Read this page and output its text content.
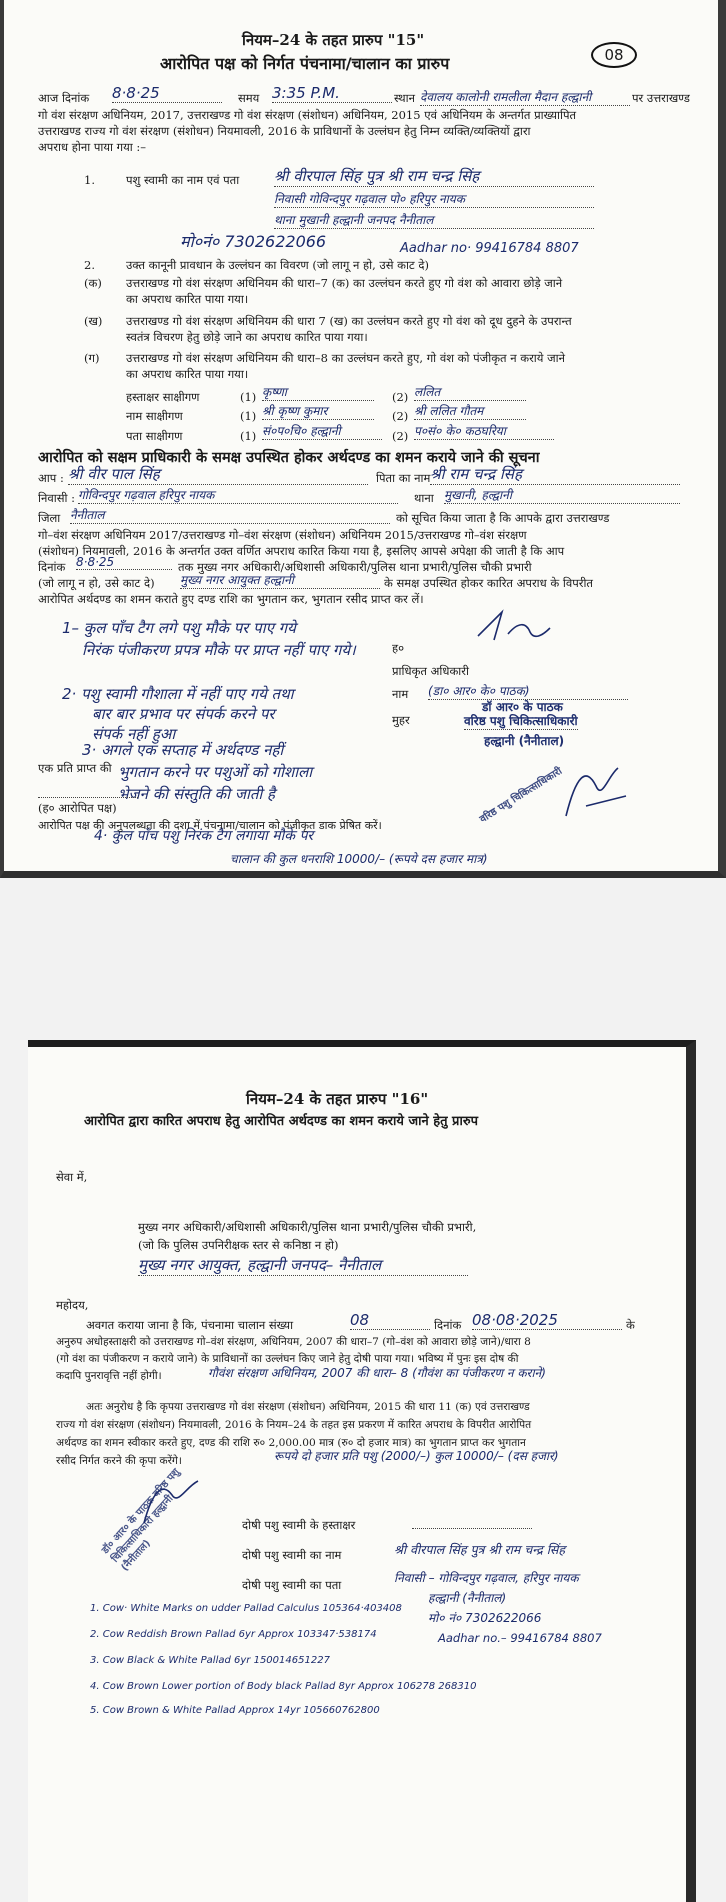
नियम–24 के तहत प्रारुप "15"
आरोपित पक्ष को निर्गत पंचनामा/चालान का प्रारुप	08
आज दिनांक 8·8·25	समय 3:35 P.M.	स्थान देवालय कालोनी रामलीला मैदान हल्द्वानी	पर उत्तराखण्ड
गो वंश संरक्षण अधिनियम, 2017, उत्तराखण्ड गो वंश संरक्षण (संशोधन) अधिनियम, 2015 एवं अधिनियम के अन्तर्गत प्राख्यापित
उत्तराखण्ड राज्य गो वंश संरक्षण (संशोधन) नियमावली, 2016 के प्राविधानों के उल्लंघन हेतु निम्न व्यक्ति/व्यक्तियों द्वारा
अपराध होना पाया गया :–
1.	पशु स्वामी का नाम एवं पता श्री वीरपाल सिंह पुत्र श्री राम चन्द्र सिंह
निवासी गोविन्दपुर गढ़वाल पो० हरिपुर नायक
थाना मुखानी हल्द्वानी जनपद नैनीताल
मो०नं० 7302622066	Aadhar no· 99416784 8807
2.	उक्त कानूनी प्रावधान के उल्लंघन का विवरण (जो लागू न हो, उसे काट दे)
(क) उत्तराखण्ड गो वंश संरक्षण अधिनियम की धारा–7 (क) का उल्लंघन करते हुए गो वंश को आवारा छोड़े जाने
का अपराध कारित पाया गया।
(ख) उत्तराखण्ड गो वंश संरक्षण अधिनियम की धारा 7 (ख) का उल्लंघन करते हुए गो वंश को दूध दुहने के उपरान्त
स्वतंत्र विचरण हेतु छोड़े जाने का अपराध कारित पाया गया।
(ग) उत्तराखण्ड गो वंश संरक्षण अधिनियम की धारा–8 का उल्लंघन करते हुए, गो वंश को पंजीकृत न कराये जाने
का अपराध कारित पाया गया।
हस्ताक्षर साक्षीगण	(1) कृष्णा	(2) ललित
नाम साक्षीगण	(1) श्री कृष्ण कुमार	(2) श्री ललित गौतम
पता साक्षीगण	(1) सं०प०चि० हल्द्वानी	(2) प०सं० के० कठघरिया
आरोपित को सक्षम प्राधिकारी के समक्ष उपस्थित होकर अर्थदण्ड का शमन कराये जाने की सूचना
आप : श्री वीर पाल सिंह	पिता का नाम श्री राम चन्द्र सिंह
निवासी : गोविन्दपुर गढ़वाल हरिपुर नायक	थाना मुखानी, हल्द्वानी
जिला नैनीताल	को सूचित किया जाता है कि आपके द्वारा उत्तराखण्ड
गो–वंश संरक्षण अधिनियम 2017/उत्तराखण्ड गो–वंश संरक्षण (संशोधन) अधिनियम 2015/उत्तराखण्ड गो–वंश संरक्षण
(संशोधन) नियमावली, 2016 के अन्तर्गत उक्त वर्णित अपराध कारित किया गया है, इसलिए आपसे अपेक्षा की जाती है कि आप
दिनांक 8·8·25	तक मुख्य नगर अधिकारी/अधिशासी अधिकारी/पुलिस थाना प्रभारी/पुलिस चौकी प्रभारी
(जो लागू न हो, उसे काट दे) मुख्य नगर आयुक्त हल्द्वानी	के समक्ष उपस्थित होकर कारित अपराध के विपरीत
आरोपित अर्थदण्ड का शमन कराते हुए दण्ड राशि का भुगतान कर, भुगतान रसीद प्राप्त कर लें।
1– कुल पाँच टैग लगे पशु मौके पर पाए गये
निरंक पंजीकरण प्रपत्र मौके पर प्राप्त नहीं पाए गये।
2· पशु स्वामी गौशाला में नहीं पाए गये तथा
बार बार प्रभाव पर संपर्क करने पर
संपर्क नहीं हुआ
3· अगले एक सप्ताह में अर्थदण्ड नहीं
भुगतान करने पर पशुओं को गोशाला
भेजने की संस्तुति की जाती है
4· कुल पाँच पशु निरंक टैग लगाया मौके पर
चालान की कुल धनराशि 10000/– (रूपये दस हजार मात्र)
ह०
प्राधिकृत अधिकारी
नाम (डा० आर० के० पाठक)
डॉ आर० के पाठक
मुहर	वरिष्ठ पशु चिकित्साधिकारी
हल्द्वानी (नैनीताल)
एक प्रति प्राप्त की
(ह० आरोपित पक्ष)
आरोपित पक्ष की अनुपलब्धता की दशा में पंचनामा/चालान को पंजीकृत डाक प्रेषित करें।
वरिष्ठ पशु चिकित्साधिकारी
नियम–24 के तहत प्रारुप "16"
आरोपित द्वारा कारित अपराध हेतु आरोपित अर्थदण्ड का शमन कराये जाने हेतु प्रारुप
सेवा में,
मुख्य नगर अधिकारी/अधिशासी अधिकारी/पुलिस थाना प्रभारी/पुलिस चौकी प्रभारी,
(जो कि पुलिस उपनिरीक्षक स्तर से कनिष्ठा न हो)
मुख्य नगर आयुक्त, हल्द्वानी जनपद– नैनीताल
महोदय,
अवगत कराया जाना है कि, पंचनामा चालान संख्या	08	दिनांक 08·08·2025	के
अनुरुप अधोहस्ताक्षरी को उत्तराखण्ड गो–वंश संरक्षण, अधिनियम, 2007 की धारा–7 (गो–वंश को आवारा छोड़े जाने)/धारा 8
(गो वंश का पंजीकरण न कराये जाने) के प्राविधानों का उल्लंघन किए जाने हेतु दोषी पाया गया। भविष्य में पुनः इस दोष की
कदापि पुनरावृत्ति नहीं होगी।	गौवंश संरक्षण अधिनियम, 2007 की धारा– 8 (गौवंश का पंजीकरण न कराने)
अतः अनुरोध है कि कृपया उत्तराखण्ड गो वंश संरक्षण (संशोधन) अधिनियम, 2015 की धारा 11 (क) एवं उत्तराखण्ड
राज्य गो वंश संरक्षण (संशोधन) नियमावली, 2016 के नियम–24 के तहत इस प्रकरण में कारित अपराध के विपरीत आरोपित
अर्थदण्ड का शमन स्वीकार करते हुए, दण्ड की राशि रु० 2,000.00 मात्र (रु० दो हजार मात्र) का भुगतान प्राप्त कर भुगतान
रसीद निर्गत करने की कृपा करेंगे।	रूपये दो हजार प्रति पशु (2000/–) कुल 10000/– (दस हजार)
डॉ० आर० के पाठक वरिष्ठ पशु चिकित्साधिकारी हल्द्वानी (नैनीताल)
दोषी पशु स्वामी के हस्ताक्षर
दोषी पशु स्वामी का नाम	श्री वीरपाल सिंह पुत्र श्री राम चन्द्र सिंह
दोषी पशु स्वामी का पता	निवासी – गोविन्दपुर गढ़वाल, हरिपुर नायक
हल्द्वानी (नैनीताल)
मो० नं० 7302622066
Aadhar no.– 99416784 8807
1. Cow· White Marks on udder Pallad Calculus 105364·403408
2. Cow Reddish Brown Pallad 6yr Approx 103347·538174
3. Cow Black & White Pallad 6yr 150014651227
4. Cow Brown Lower portion of Body black Pallad 8yr Approx 106278 268310
5. Cow Brown & White Pallad Approx 14yr 105660762800
